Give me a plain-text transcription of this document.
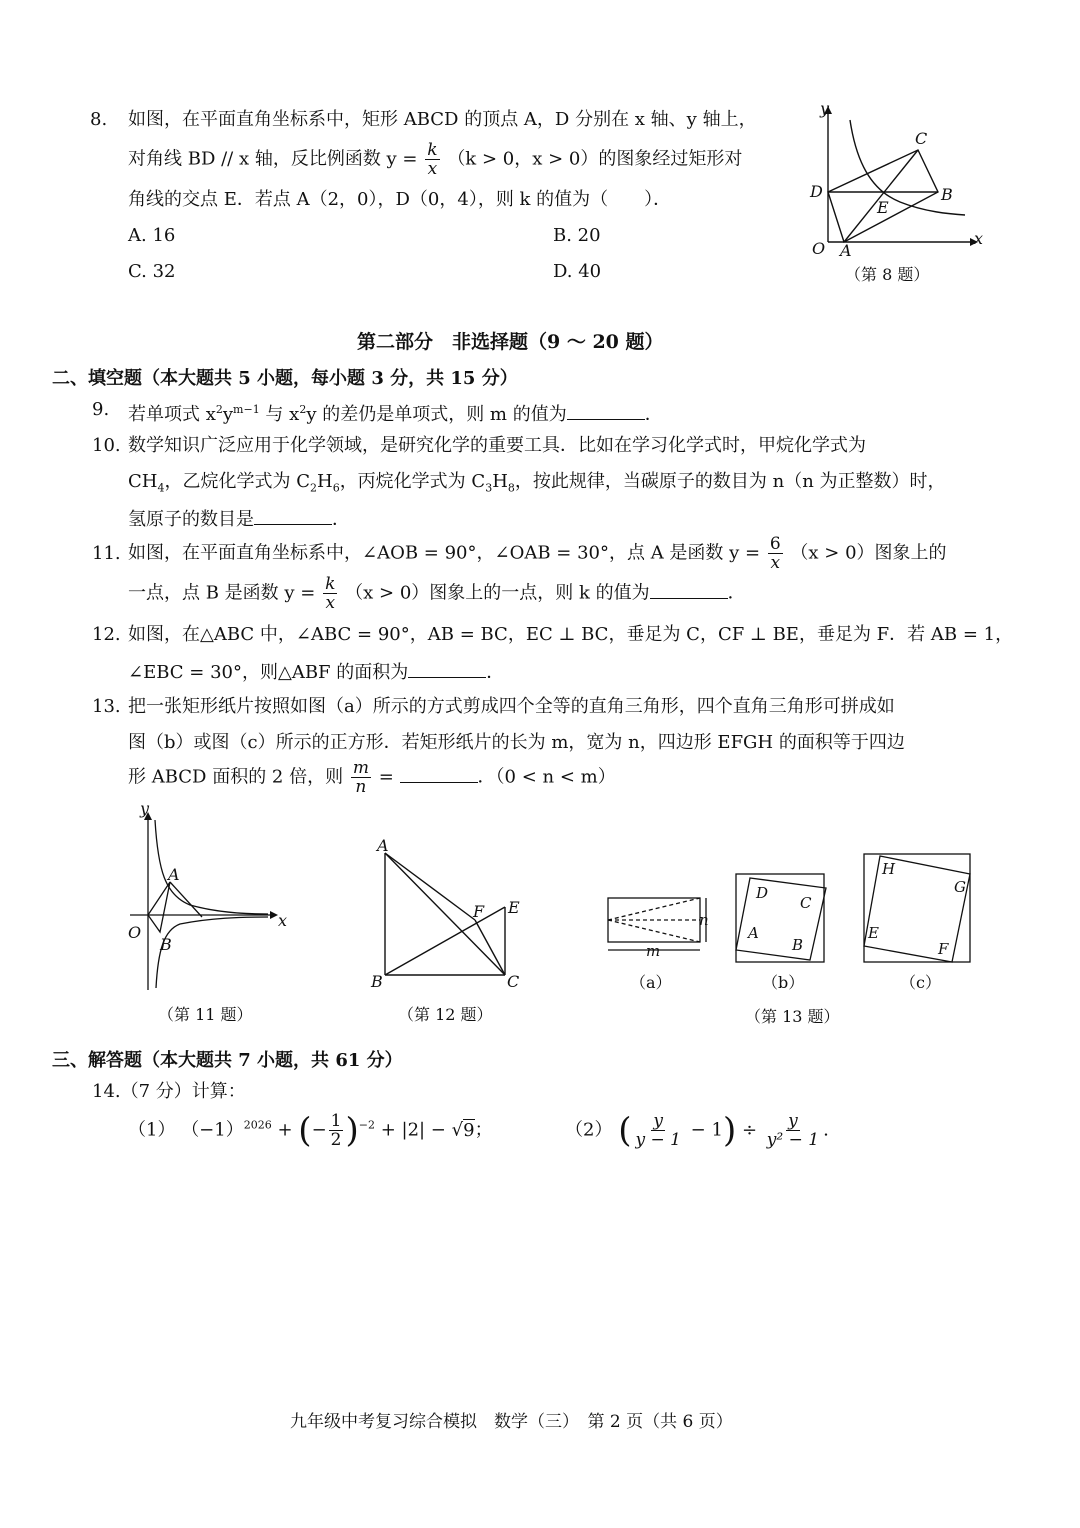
8. 如图，在平面直角坐标系中，矩形 ABCD 的顶点 A，D 分别在 x 轴、y 轴上，
对角线 BD // x 轴，反比例函数 $y = \frac{k}{x} (k > 0$，x > 0）的图象经过矩形对
角线的交点 E．若点 A（2，0），D（0，4），则 k 的值为（　　）．
A. 16	B. 20
C. 32	D. 40
y
x
O A
D
C
B
E
（第 8 题）
第二部分　非选择题（9 ～ 20 题）
二、填空题（本大题共 5 小题，每小题 3 分，共 15 分）
9. 若单项式 $x^2y^{m-1}$ 与 $x^2y$ 的差仍是单项式，则 m 的值为	．
10. 数学知识广泛应用于化学领域，是研究化学的重要工具．比如在学习化学式时，甲烷化学式为
$CH_4$，乙烷化学式为 $C_2H_6$，丙烷化学式为 $C_3H_8$，按此规律，当碳原子的数目为 n（n 为正整数）时，
氢原子的数目是	．
11. 如图，在平面直角坐标系中，∠AOB = 90°，∠OAB = 30°，点 A 是函数 $y = \frac{6}{x} (x > 0)$图象上的
一点，点 B 是函数 $y = \frac{k}{x} (x > 0)$图象上的一点，则 k 的值为	．
12. 如图，在△ABC 中，∠ABC = 90°，AB = BC，EC ⊥ BC，垂足为 C，CF ⊥ BE，垂足为 F．若 AB = 1，
∠EBC = 30°，则△ABF 的面积为	．
13. 把一张矩形纸片按照如图（a）所示的方式剪成四个全等的直角三角形，四个直角三角形可拼成如
图（b）或图（c）所示的正方形．若矩形纸片的长为 m，宽为 n，四边形 EFGH 的面积等于四边
形 ABCD 面积的 2 倍，则 $\frac{m}{n}$ =	．（0 < n < m）
y
x
O
A
B
（第 11 题）
A
B	C
E
F
（第 12 题）
n
m
（a）
D
C
A
B
（b）
H
G
E
F
（c）
（第 13 题）
三、解答题（本大题共 7 小题，共 61 分）
14.（7 分）计算：
（1） $(-1)^{2026}$ + (− $\frac{1}{2} )^{-2} + |2| - √9$；	（2） ( $\frac{y}{y - 1} - 1) \div \frac{y}{\text{y² − 1}}$ .
九年级中考复习综合模拟　数学（三）　第 2 页（共 6 页）
